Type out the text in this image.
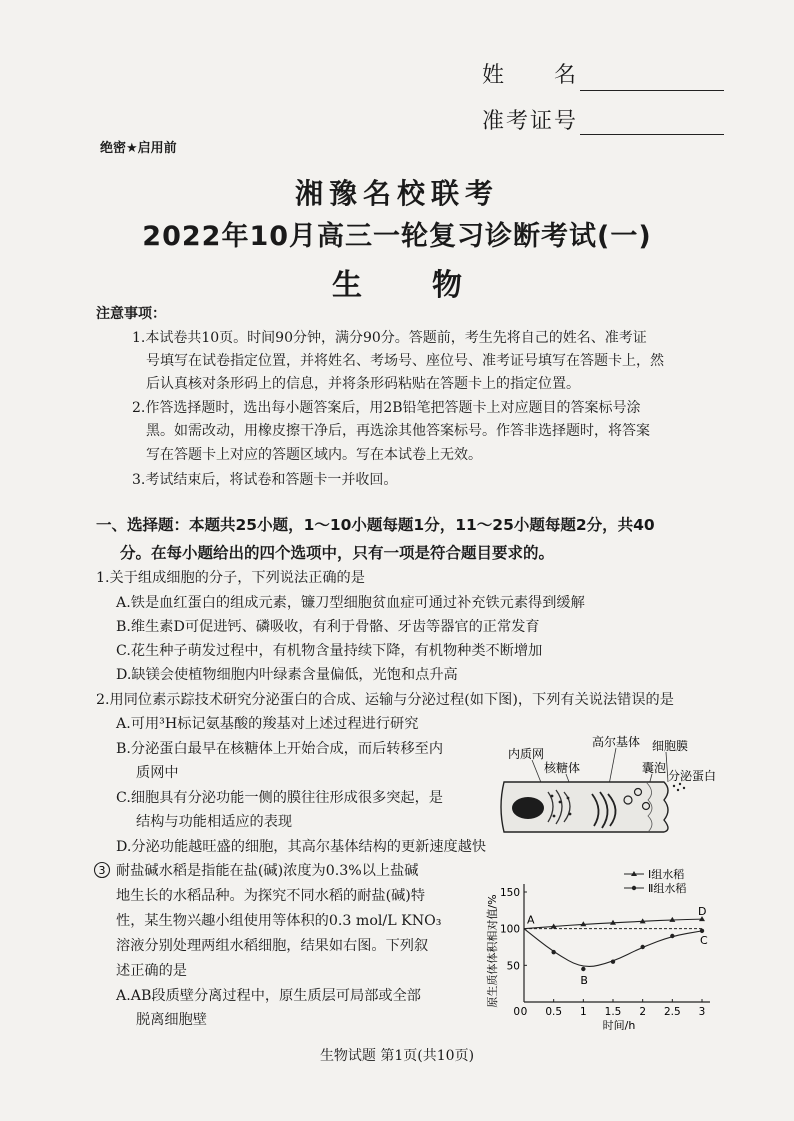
姓　　名
准考证号
绝密★启用前
湘豫名校联考
2022年10月高三一轮复习诊断考试(一)
生 物
注意事项：
1.本试卷共10页。时间90分钟，满分90分。答题前，考生先将自己的姓名、准考证
号填写在试卷指定位置，并将姓名、考场号、座位号、准考证号填写在答题卡上，然
后认真核对条形码上的信息，并将条形码粘贴在答题卡上的指定位置。
2.作答选择题时，选出每小题答案后，用2B铅笔把答题卡上对应题目的答案标号涂
黑。如需改动，用橡皮擦干净后，再选涂其他答案标号。作答非选择题时，将答案
写在答题卡上对应的答题区域内。写在本试卷上无效。
3.考试结束后，将试卷和答题卡一并收回。
一、选择题：本题共25小题，1～10小题每题1分，11～25小题每题2分，共40
分。在每小题给出的四个选项中，只有一项是符合题目要求的。
1.关于组成细胞的分子，下列说法正确的是
A.铁是血红蛋白的组成元素，镰刀型细胞贫血症可通过补充铁元素得到缓解
B.维生素D可促进钙、磷吸收，有利于骨骼、牙齿等器官的正常发育
C.花生种子萌发过程中，有机物含量持续下降，有机物种类不断增加
D.缺镁会使植物细胞内叶绿素含量偏低，光饱和点升高
2.用同位素示踪技术研究分泌蛋白的合成、运输与分泌过程(如下图)，下列有关说法错误的是
A.可用³H标记氨基酸的羧基对上述过程进行研究
B.分泌蛋白最早在核糖体上开始合成，而后转移至内
质网中
C.细胞具有分泌功能一侧的膜往往形成很多突起，是
结构与功能相适应的表现
D.分泌功能越旺盛的细胞，其高尔基体结构的更新速度越快
内质网
核糖体
高尔基体 细胞膜
囊泡
分泌蛋白
3 耐盐碱水稻是指能在盐(碱)浓度为0.3%以上盐碱
地生长的水稻品种。为探究不同水稻的耐盐(碱)特
性，某生物兴趣小组使用等体积的0.3 mol/L KNO₃
溶液分别处理两组水稻细胞，结果如右图。下列叙
述正确的是
A.AB段质壁分离过程中，原生质层可局部或全部
脱离细胞壁	0 0.5 1 1.5 2 2.5 3
50
100
150
0
时间/h
原生质体体积相对值/%	A
B
C
D
Ⅰ组水稻
Ⅱ组水稻
生物试题 第1页(共10页)
